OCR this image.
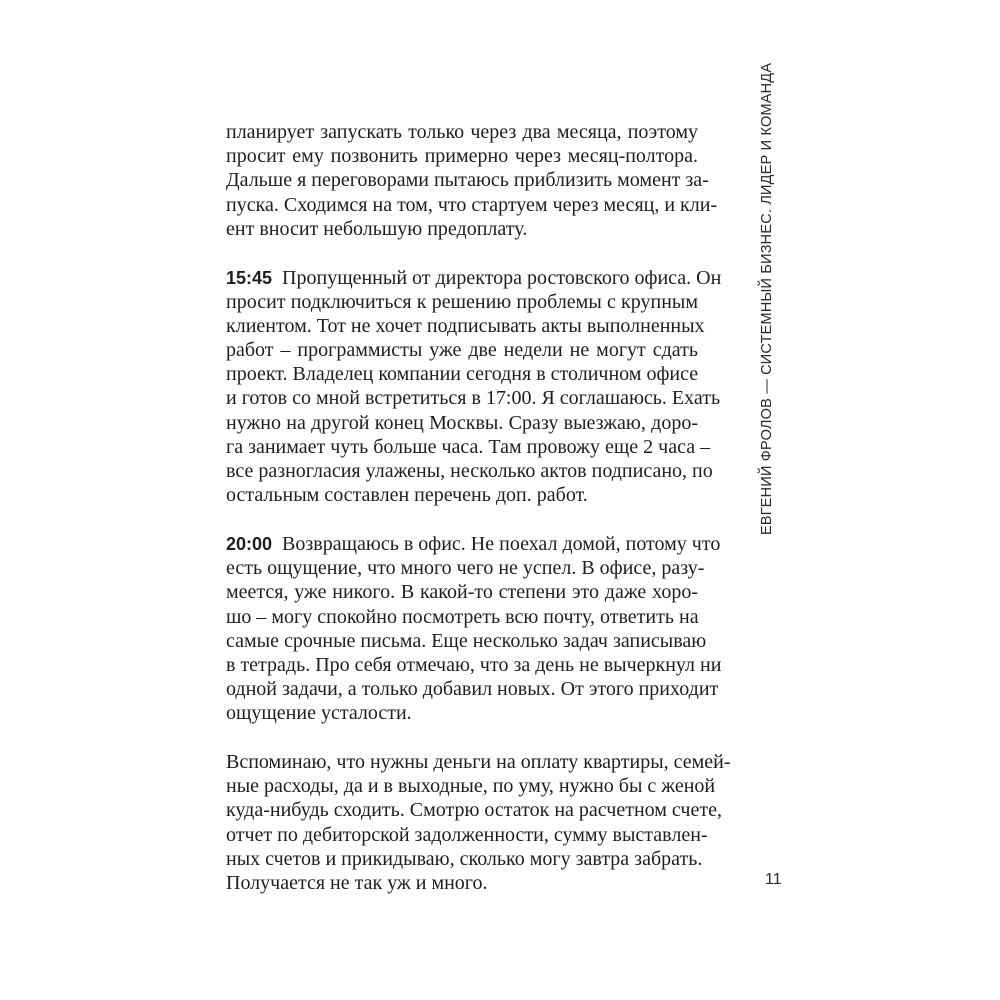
планирует запускать только через два месяца, поэтому
просит ему позвонить примерно через месяц-полтора.
Дальше я переговорами пытаюсь приблизить момент за-
пуска. Сходимся на том, что стартуем через месяц, и кли-
ент вносит небольшую предоплату.
15:45 Пропущенный от директора ростовского офиса. Он
просит подключиться к решению проблемы с крупным
клиентом. Тот не хочет подписывать акты выполненных
работ – программисты уже две недели не могут сдать
проект. Владелец компании сегодня в столичном офисе
и готов со мной встретиться в 17:00. Я соглашаюсь. Ехать
нужно на другой конец Москвы. Сразу выезжаю, доро-
га занимает чуть больше часа. Там провожу еще 2 часа –
все разногласия улажены, несколько актов подписано, по
остальным составлен перечень доп. работ.
20:00 Возвращаюсь в офис. Не поехал домой, потому что
есть ощущение, что много чего не успел. В офисе, разу-
меется, уже никого. В какой-то степени это даже хоро-
шо – могу спокойно посмотреть всю почту, ответить на
самые срочные письма. Еще несколько задач записываю
в тетрадь. Про себя отмечаю, что за день не вычеркнул ни
одной задачи, а только добавил новых. От этого приходит
ощущение усталости.
Вспоминаю, что нужны деньги на оплату квартиры, семей-
ные расходы, да и в выходные, по уму, нужно бы с женой
куда-нибудь сходить. Смотрю остаток на расчетном счете,
отчет по дебиторской задолженности, сумму выставлен-
ных счетов и прикидываю, сколько могу завтра забрать.
Получается не так уж и много.
ЕВГЕНИЙ ФРОЛОВ — СИСТЕМНЫЙ БИЗНЕС. ЛИДЕР И КОМАНДА
11
